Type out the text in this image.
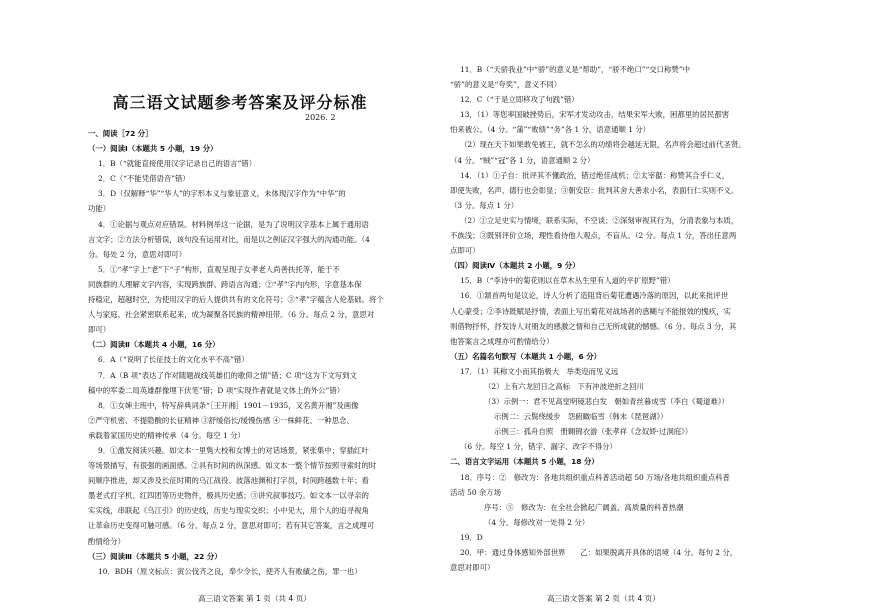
高三语文试题参考答案及评分标准
2026. 2
一、阅读［72 分］
（一）阅读Ⅰ（本题共 5 小题，19 分）
1．B（“就能直接使用汉字记录自己的语言”错）
2．C（“不能凭借语音”错）
3．D（仅解释“华”“华人”的字形本义与象征意义，未体现汉字作为“中华”的
功能）
4．①论据与观点对应错误。材料例举这一论据，是为了说明汉字基本上属于通用语
言文字；②方法分析错误，该句没有运用对比，而是以之例证汉字强大的沟通功能。（4
分。每处 2 分，意思对即可）
5．①“孝”字上“老”下“子”构形，直观呈现子女孝老人尚善扶托等，能于不
同族群的人理解文字内容，实现跨族群、跨语言沟通；②“孝”字内内形，字意基本保
持稳定，超越时空，为使用汉字的后人提供共有的文化符号；③“孝”字蕴含人伦基础。将个
人与家庭、社会紧密联系起来，成为凝聚各民族的精神纽带。（6 分。每点 2 分，意思对
即可）
（二）阅读Ⅱ（本题共 4 小题，16 分）
6．A（“说明了长征技士的文化水平不高”错）
7．A（B 项“表达了作对随题战线英雄们的歌仰之情”错；C 项“这为下文写到文
稿中的军委二局英雄群像埋下伏笔”错；D 项“实现作者就是文体上的外公”错）
8．①女婶主班中，特写辞典词条“［王开湘］1901－1935，又名黄开湘”及画像
②严守机密、不提隐酸的长征精神 ③舒缓俗长/缓慢伤感 ④一株鲜花、一种思念、
承载着家国历史的精神传承（4 分。每空 1 分）
9．①激发阅读兴趣。如文本一里隽大校和女博士的对话场景，紧张集中；穿插红叶
等场景描写，有很强的画面感。②具有时间的纵深感。如文本一整个情节按照寻索时的时
间顺序推进，却又涉及长征时期的乌江战役、波落池渊和打字员，时间跨越数十年；看
墨老式打字机、红四团等历史物件，极具历史感；③讲究叙事技巧。如文本一以寻亲的
实实线，串联起《乌江引》的历史线，历史与现实交织；小中见大，用个人的追寻视角
让革命历史变得可触可感。（6 分。每点 2 分，意思对即可；若有其它答案，言之成理可
酌情给分）
（三）阅读Ⅲ（本题共 5 小题，22 分）
10．BDH（原文标点：寅公伐齐之良，奉少令长，使齐人有败績之伤，罪一也）
11．B（“天骄我业”中“骄”的意义是“帮助”，“骄不绝口”“交口称赞”中
“骄”的意义是“夸奖”，意义不同）
12．C（“于是立即移攻了句践”错）
13．（1）等您率国破挫势后，宋军才发动攻击，结果宋军大败，困都里的居民都害
怕来被公。（4 分。“蒲”“败绩”“务”各 1 分，语意通顺 1 分）
（2）现在天下如果敢免被王，就不怎么的功绩将会越延无限，名声将会超过前代圣贤。
（4 分。“贼”“冠”各 1 分，语意通顺 2 分）
14．（1）①子自：批评其不懂政治，错过绝佳战机；②太宰嚭：称赞其合乎仁义，
即使失败，名声、德行也会彰显；③朝安臣：批判其舍大善求小名，表面行仁实则不义。
（3 分。每点 1 分）
（2）①立足史实与情境，联系实际，不空谈；②深刻审视其行为，分清表象与本质，
不族浅；③既别评价立场，理性看待他人观点，不盲从。（2 分。每点 1 分，答出任意两
点即可）
（四）阅读Ⅳ（本题共 2 小题，9 分）
15．B（“李诗中的菊花则以在草木丛生里有人道的平扩原野”错）
16．①颔首两句是议论，诗人分析了造阻背后菊花遭遇冷落的原因，以此来批评世
人心蒙受；②李诗既赋是抒情，表面上写出菊花对战场者的惑糊与不能报效的愧疚，实
则借物抒怀，抒发诗人对朋友的感激之情和自己无所成就的憾憾。（6 分。每点 3 分，其
他答案言之成理亦可酌情给分）
（五）名篇名句默写（本题共 1 小题，6 分）
17．（1）其称文小而其指极大　举类迩而见义远
（2）上有六龙回日之高标　下有冲波逆折之回川
（3）示例一：君不见高堂明镜悲白发　朝如青丝暮成雪（李白《蜀道难》）
示例二：云鬓绕缓步　怨俯瞰临雪（韩末《琵琶湖》）
示例三：孤舟自照　册翱锦衣游（张孝祥《念奴娇·过洞庭》）
（6 分。每空 1 分，错字、漏字、改字不得分）
二、语言文字运用（本题共 5 小题，18 分）
18．序号：②　修改为：各地共组织重点科普活动超 50 万场/各地共组织重点科普
活动 50 余万场
序号：⑤　修改为：在全社会掀起广阔盖、高质量的科普热潮
（4 分。每修改对一处得 2 分）
19．D
20．甲：通过身体感知外部世界　　乙：如果脱离开具体的语境（4 分。每句 2 分，
意思对即可）
高三语文答案 第 1 页（共 4 页）	高三语文答案 第 2 页（共 4 页）
